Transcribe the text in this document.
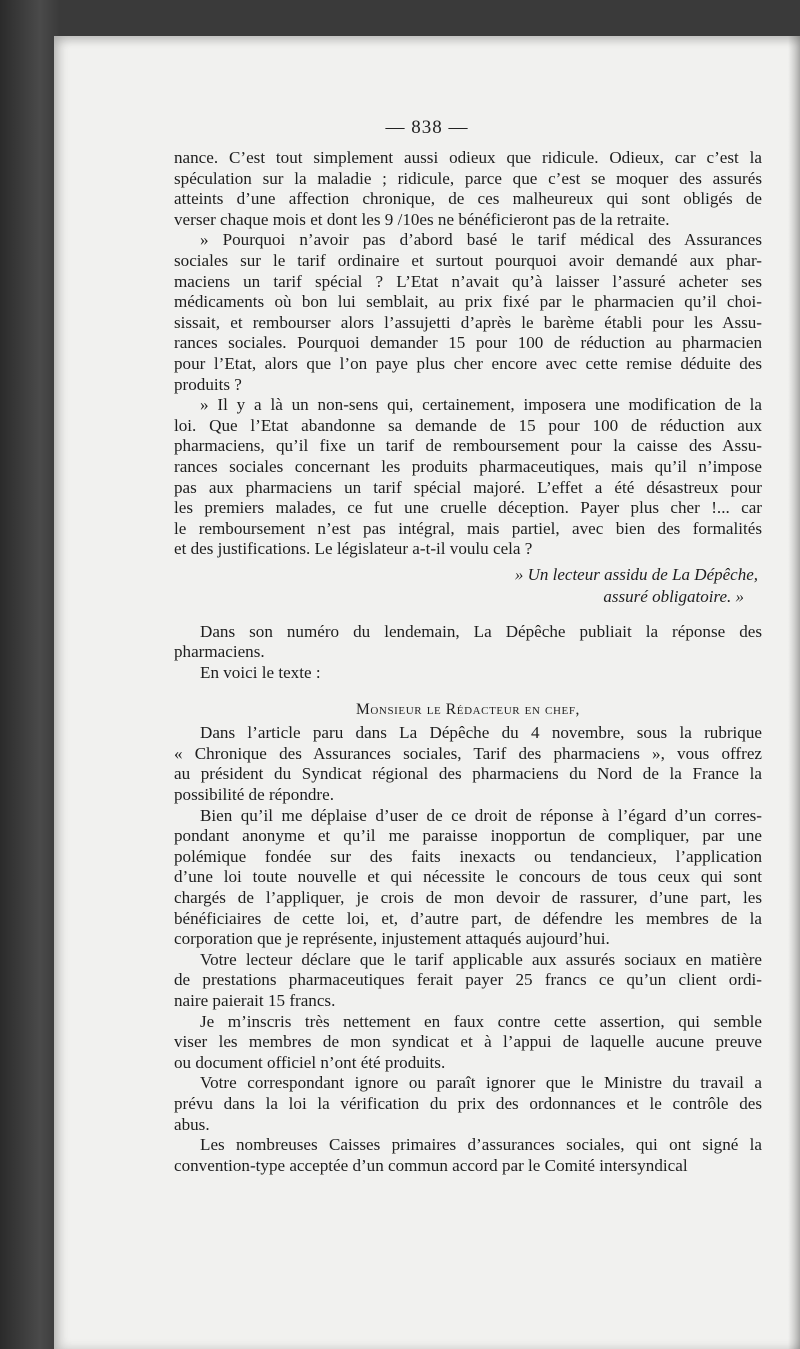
— 838 —

nance. C’est tout simplement aussi odieux que ridicule. Odieux, car c’est la
spéculation sur la maladie ; ridicule, parce que c’est se moquer des assurés
atteints d’une affection chronique, de ces malheureux qui sont obligés de
verser chaque mois et dont les 9 /10es ne bénéficieront pas de la retraite.

» Pourquoi n’avoir pas d’abord basé le tarif médical des Assurances
sociales sur le tarif ordinaire et surtout pourquoi avoir demandé aux phar-
maciens un tarif spécial ? L’Etat n’avait qu’à laisser l’assuré acheter ses
médicaments où bon lui semblait, au prix fixé par le pharmacien qu’il choi-
sissait, et rembourser alors l’assujetti d’après le barème établi pour les Assu-
rances sociales. Pourquoi demander 15 pour 100 de réduction au pharmacien
pour l’Etat, alors que l’on paye plus cher encore avec cette remise déduite des
produits ?

» Il y a là un non-sens qui, certainement, imposera une modification de la
loi. Que l’Etat abandonne sa demande de 15 pour 100 de réduction aux
pharmaciens, qu’il fixe un tarif de remboursement pour la caisse des Assu-
rances sociales concernant les produits pharmaceutiques, mais qu’il n’impose
pas aux pharmaciens un tarif spécial majoré. L’effet a été désastreux pour
les premiers malades, ce fut une cruelle déception. Payer plus cher !... car
le remboursement n’est pas intégral, mais partiel, avec bien des formalités
et des justifications. Le législateur a-t-il voulu cela ?

» Un lecteur assidu de La Dépêche,
assuré obligatoire. »

Dans son numéro du lendemain, La Dépêche publiait la réponse des
pharmaciens.

En voici le texte :

Monsieur le Rédacteur en chef,

Dans l’article paru dans La Dépêche du 4 novembre, sous la rubrique
« Chronique des Assurances sociales, Tarif des pharmaciens », vous offrez
au président du Syndicat régional des pharmaciens du Nord de la France la
possibilité de répondre.

Bien qu’il me déplaise d’user de ce droit de réponse à l’égard d’un corres-
pondant anonyme et qu’il me paraisse inopportun de compliquer, par une
polémique fondée sur des faits inexacts ou tendancieux, l’application
d’une loi toute nouvelle et qui nécessite le concours de tous ceux qui sont
chargés de l’appliquer, je crois de mon devoir de rassurer, d’une part, les
bénéficiaires de cette loi, et, d’autre part, de défendre les membres de la
corporation que je représente, injustement attaqués aujourd’hui.

Votre lecteur déclare que le tarif applicable aux assurés sociaux en matière
de prestations pharmaceutiques ferait payer 25 francs ce qu’un client ordi-
naire paierait 15 francs.

Je m’inscris très nettement en faux contre cette assertion, qui semble
viser les membres de mon syndicat et à l’appui de laquelle aucune preuve
ou document officiel n’ont été produits.

Votre correspondant ignore ou paraît ignorer que le Ministre du travail a
prévu dans la loi la vérification du prix des ordonnances et le contrôle des
abus.

Les nombreuses Caisses primaires d’assurances sociales, qui ont signé la
convention-type acceptée d’un commun accord par le Comité intersyndical
